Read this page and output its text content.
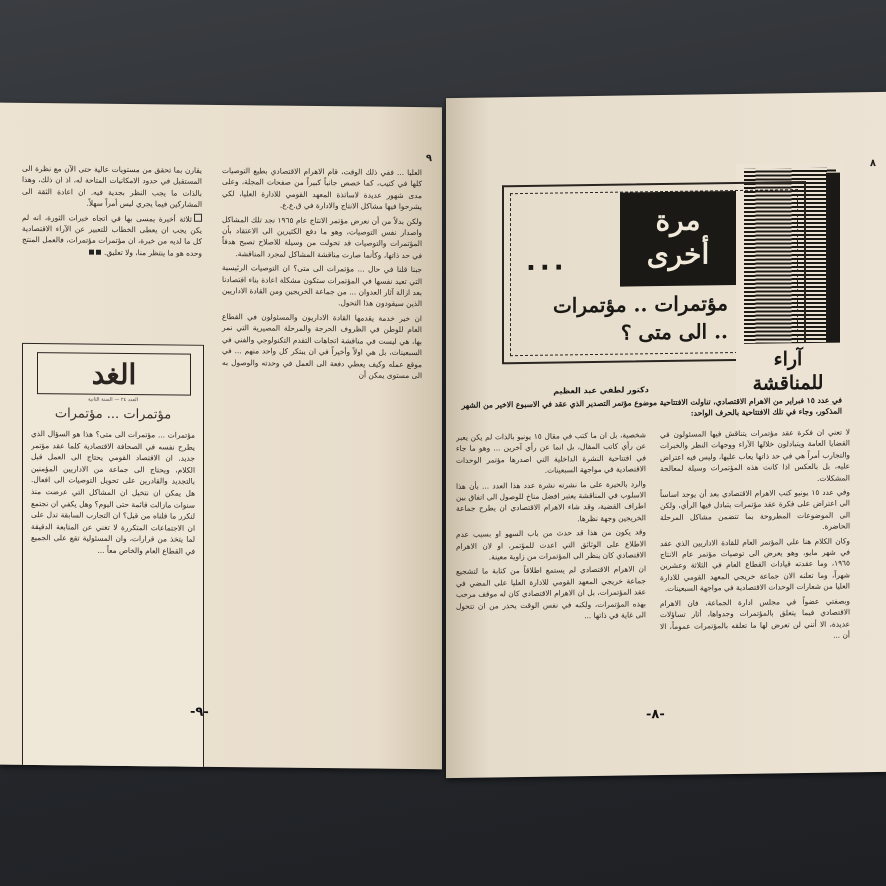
٩

العليا ... ففي ذلك الوقت، قام الاهرام الاقتصادي بطبع التوصيات كلها في كتيب، كما خصص جانباً كبيراً من صفحات المجلة، وعلى مدى شهور عديدة لاساتذة المعهد القومي للادارة العليا، لكي يشرحوا فيها مشاكل الانتاج والادارة في ق.ع.ع.

ولكن بدلاً من أن نعرض مؤتمر الانتاج عام ١٩٦٥ نجد تلك المشاكل واصدار نفس التوصيات، وهو ما دفع الكثيرين الى الاعتقاد بأن المؤتمرات والتوصيات قد تحولت من وسيلة للاصلاح تصبح هدفاً في حد ذاتها، وكأنما صارت مناقشة المشاكل لمجرد المناقشة.

جبنا قلنا في حال ... مؤتمرات الى متى؟ ان التوصيات الرئيسية التي تعيد نفسها في المؤتمرات ستكون مشكلة اعادة بناء اقتصادنا بعد ازالة آثار العدوان ... من جماعة الخريجين ومن القادة الاداريين الذين سيقودون هذا التحول.

ان خير خدمة يقدمها القادة الاداريون والمسئولون في القطاع العام للوطن في الظروف الحرجة والمرحلة المصيرية التي نمر بها، هي ليست في مناقشة اتجاهات التقدم التكنولوجي والفني في السبعينات، بل هي اولاً وأخيراً في ان يبتكر كل واحد منهم ... في موقع عمله وكيف يعطي دفعة الى العمل في وحدته والوصول به الى مستوى يمكن أن

يقارن بما تحقق من مستويات عالية حتى الآن مع نظرة الى المستقبل في حدود الامكانيات المتاحة له، اذ ان ذلك، وهذا بالذات ما يجب النظر بجدية فيه. ان اعادة الثقة الى المشاركين فيما يجري ليس أمراً سهلاً.

ثلاثة أخيرة يمسى بها في اتجاه خبرات الثورة، انه لم يكن يجب ان يعطى الخطاب للتعبير عن الآراء الاقتصادية كل ما لديه من خبرة، ان مؤتمرات مؤتمرات، فالعمل المنتج وحده هو ما ينتظر منا، ولا تعليق.

الغد
العدد ٢٤ — السنة الثانية
مؤتمرات ... مؤتمرات
مؤتمرات ... مؤتمرات الى متى؟ هذا هو السؤال الذي يطرح نفسه في الصحافة الاقتصادية كلما عقد مؤتمر جديد. ان الاقتصاد القومي يحتاج الى العمل قبل الكلام، ويحتاج الى جماعة من الاداريين المؤمنين بالتجديد والقادرين على تحويل التوصيات الى افعال. هل يمكن ان نتخيل ان المشاكل التي عرضت منذ سنوات مازالت قائمة حتى اليوم؟ وهل يكفي ان نجتمع لنكرر ما قلناه من قبل؟ ان التجارب السابقة تدل على ان الاجتماعات المتكررة لا تغني عن المتابعة الدقيقة لما يتخذ من قرارات، وان المسئولية تقع على الجميع في القطاع العام والخاص معاً ...
-٩-
٨
مرة أخرى
...
مؤتمرات .. مؤتمرات
.. الى متى ؟
آراء للمناقشة
دكتور لطفي عبد العظيم
في عدد ١٥ فبراير من الاهرام الاقتصادي، تناولت الافتتاحية موضوع مؤتمر التصدير الذي عقد في الاسبوع الاخير من الشهر المذكور، وجاء في تلك الافتتاحية بالحرف الواحد:

لا تعني ان فكرة عقد مؤتمرات يتناقش فيها المسئولون في القضايا العامة ويتبادلون خلالها الآراء ووجهات النظر والخبرات والتجارب أمراً هي في حد ذاتها يعاب عليها، وليس فيه اعتراض عليه، بل بالعكس اذا كانت هذه المؤتمرات وسيلة لمعالجة المشكلات.

وفي عدد ١٥ يونيو كتب الاهرام الاقتصادي بعد أن يوجد اساساً الى اعتراض على فكرة عقد مؤتمرات يتبادل فيها الرأي، ولكن الى الموضوعات المطروحة بما تتضمن مشاكل المرحلة الحاضرة.

وكان الكلام هنا على المؤتمر العام للقادة الاداريين الذي عقد في شهر مايو، وهو يعرض الى توصيات مؤتمر عام الانتاج ١٩٦٥، وما عقدته قيادات القطاع العام في الثلاثة وعشرين شهراً، وما تعلنه الان جماعة خريجي المعهد القومي للادارة العليا من شعارات الوحدات الاقتصادية في مواجهة السبعينات.

وبصفتي عضواً في مجلس ادارة الجماعة، فان الاهرام الاقتصادي فيما يتعلق بالمؤتمرات وجدواها، أثار تساؤلات عديدة، الا أنني لن تعرض لها ما تعلقه بالمؤتمرات عموماً، الا أن ...

شخصية، بل ان ما كتب في مقال ١٥ يونيو بالذات لم يكن يعبر عن رأي كاتب المقال، بل انما عن رأي آخرين ... وهو ما جاء في افتتاحية النشرة الداخلية التي اصدرها مؤتمر الوحدات الاقتصادية في مواجهة السبعينات.

والرد بالحيرة على ما نشرته نشرة عدد هذا العدد ... بأن هذا الاسلوب في المناقشة يعتبر افضل مناخ للوصول الى اتفاق بين اطراف القضية، وقد شاء الاهرام الاقتصادي ان يطرح جماعة الخريجين وجهة نظرها.

وقد يكون من هذا قد حدث من باب السهو او بسبب عدم الاطلاع على الوثائق التي اعدت للمؤتمر، او لان الاهرام الاقتصادي كان ينظر الى المؤتمرات من زاوية معينة.

ان الاهرام الاقتصادي لم يستمع اطلاقاً من كتابة ما لتشجيع جماعة خريجي المعهد القومي للادارة العليا على المضي في عقد المؤتمرات، بل ان الاهرام الاقتصادي كان له موقف مرحب بهذه المؤتمرات، ولكنه في نفس الوقت يحذر من ان تتحول الى غاية في ذاتها ...

-٨-
